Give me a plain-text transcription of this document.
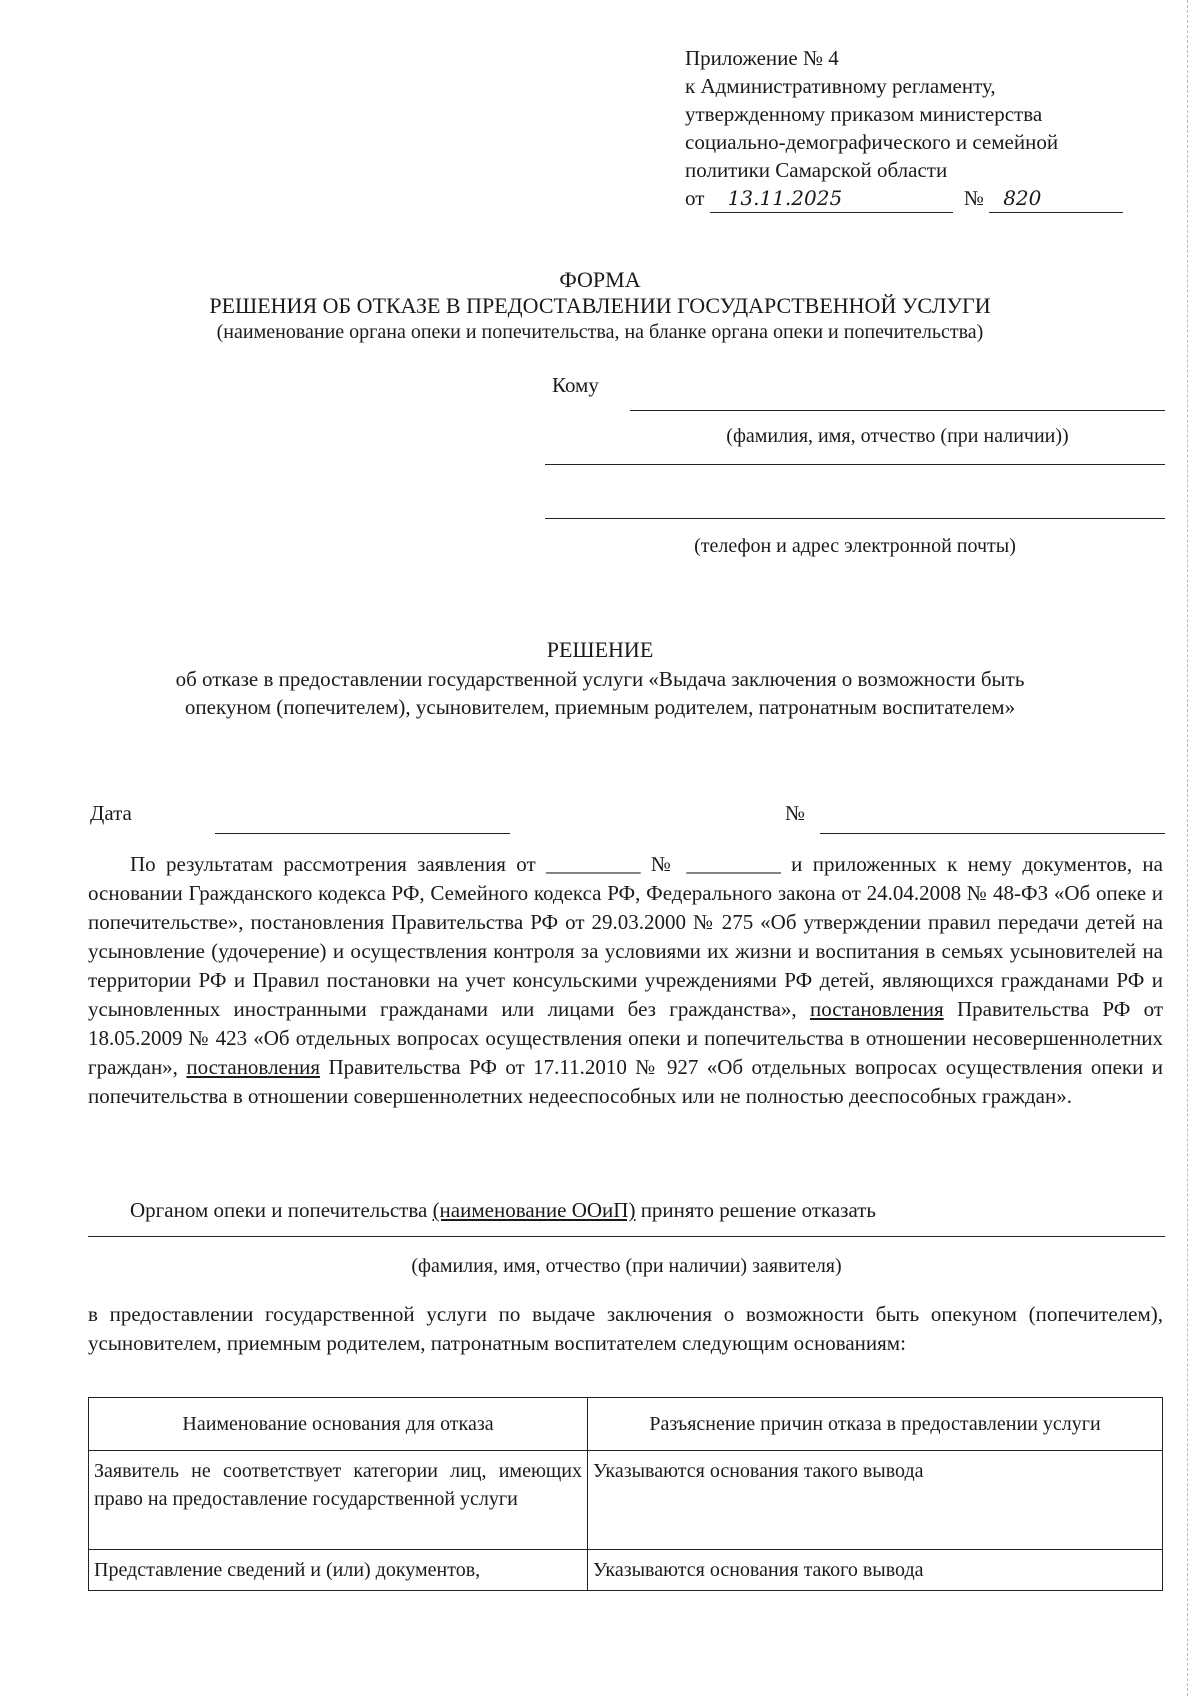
Приложение № 4
к Административному регламенту,
утвержденному приказом министерства
социально-демографического и семейной
политики Самарской области
от 13.11.2025	№ 820
ФОРМА
РЕШЕНИЯ ОБ ОТКАЗЕ В ПРЕДОСТАВЛЕНИИ ГОСУДАРСТВЕННОЙ УСЛУГИ
(наименование органа опеки и попечительства, на бланке органа опеки и попечительства)
Кому
(фамилия, имя, отчество (при наличии))
(телефон и адрес электронной почты)
РЕШЕНИЕ
об отказе в предоставлении государственной услуги «Выдача заключения о возможности быть
опекуном (попечителем), усыновителем, приемным родителем, патронатным воспитателем»
Дата	№
По результатам рассмотрения заявления от _________ № _________ и приложенных к нему документов, на основании Гражданского кодекса РФ, Семейного кодекса РФ, Федерального закона от 24.04.2008 № 48-ФЗ «Об опеке и попечительстве», постановления Правительства РФ от 29.03.2000 № 275 «Об утверждении правил передачи детей на усыновление (удочерение) и осуществления контроля за условиями их жизни и воспитания в семьях усыновителей на территории РФ и Правил постановки на учет консульскими учреждениями РФ детей, являющихся гражданами РФ и усыновленных иностранными гражданами или лицами без гражданства», постановления Правительства РФ от 18.05.2009 № 423 «Об отдельных вопросах осуществления опеки и попечительства в отношении несовершеннолетних граждан», постановления Правительства РФ от 17.11.2010 № 927 «Об отдельных вопросах осуществления опеки и попечительства в отношении совершеннолетних недееспособных или не полностью дееспособных граждан».
Органом опеки и попечительства (наименование ООиП) принято решение отказать
(фамилия, имя, отчество (при наличии) заявителя)
в предоставлении государственной услуги по выдаче заключения о возможности быть опекуном (попечителем), усыновителем, приемным родителем, патронатным воспитателем следующим основаниям:
Наименование основания для отказа	Разъяснение причин отказа в предоставлении услуги
Заявитель не соответствует категории лиц, имеющих право на предоставление государственной услуги	Указываются основания такого вывода
Представление сведений и (или) документов,	Указываются основания такого вывода
